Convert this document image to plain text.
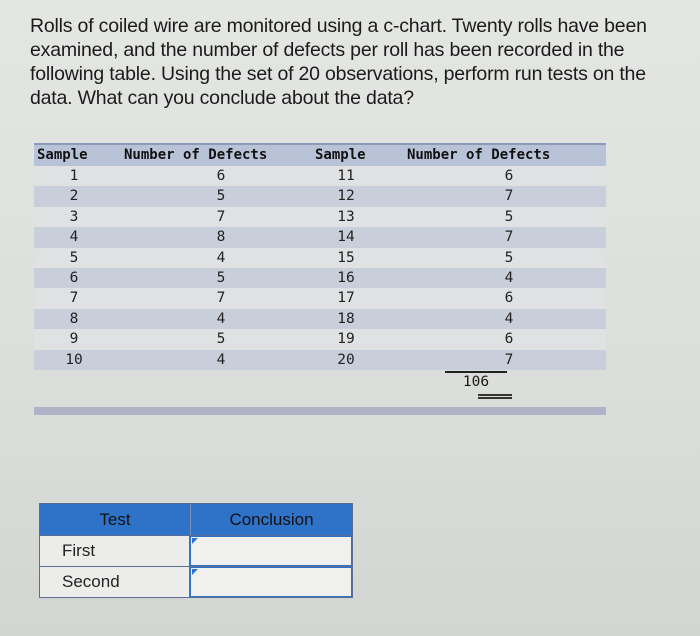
Rolls of coiled wire are monitored using a c-chart. Twenty rolls have been examined, and the number of defects per roll has been recorded in the following table. Using the set of 20 observations, perform run tests on the data. What can you conclude about the data?
Sample	Number of Defects	Sample	Number of Defects
1	6	11	6
2	5	12	7
3	7	13	5
4	8	14	7
5	4	15	5
6	5	16	4
7	7	17	6
8	4	18	4
9	5	19	6
10	4	20	7
106
Test	Conclusion
First
Second
